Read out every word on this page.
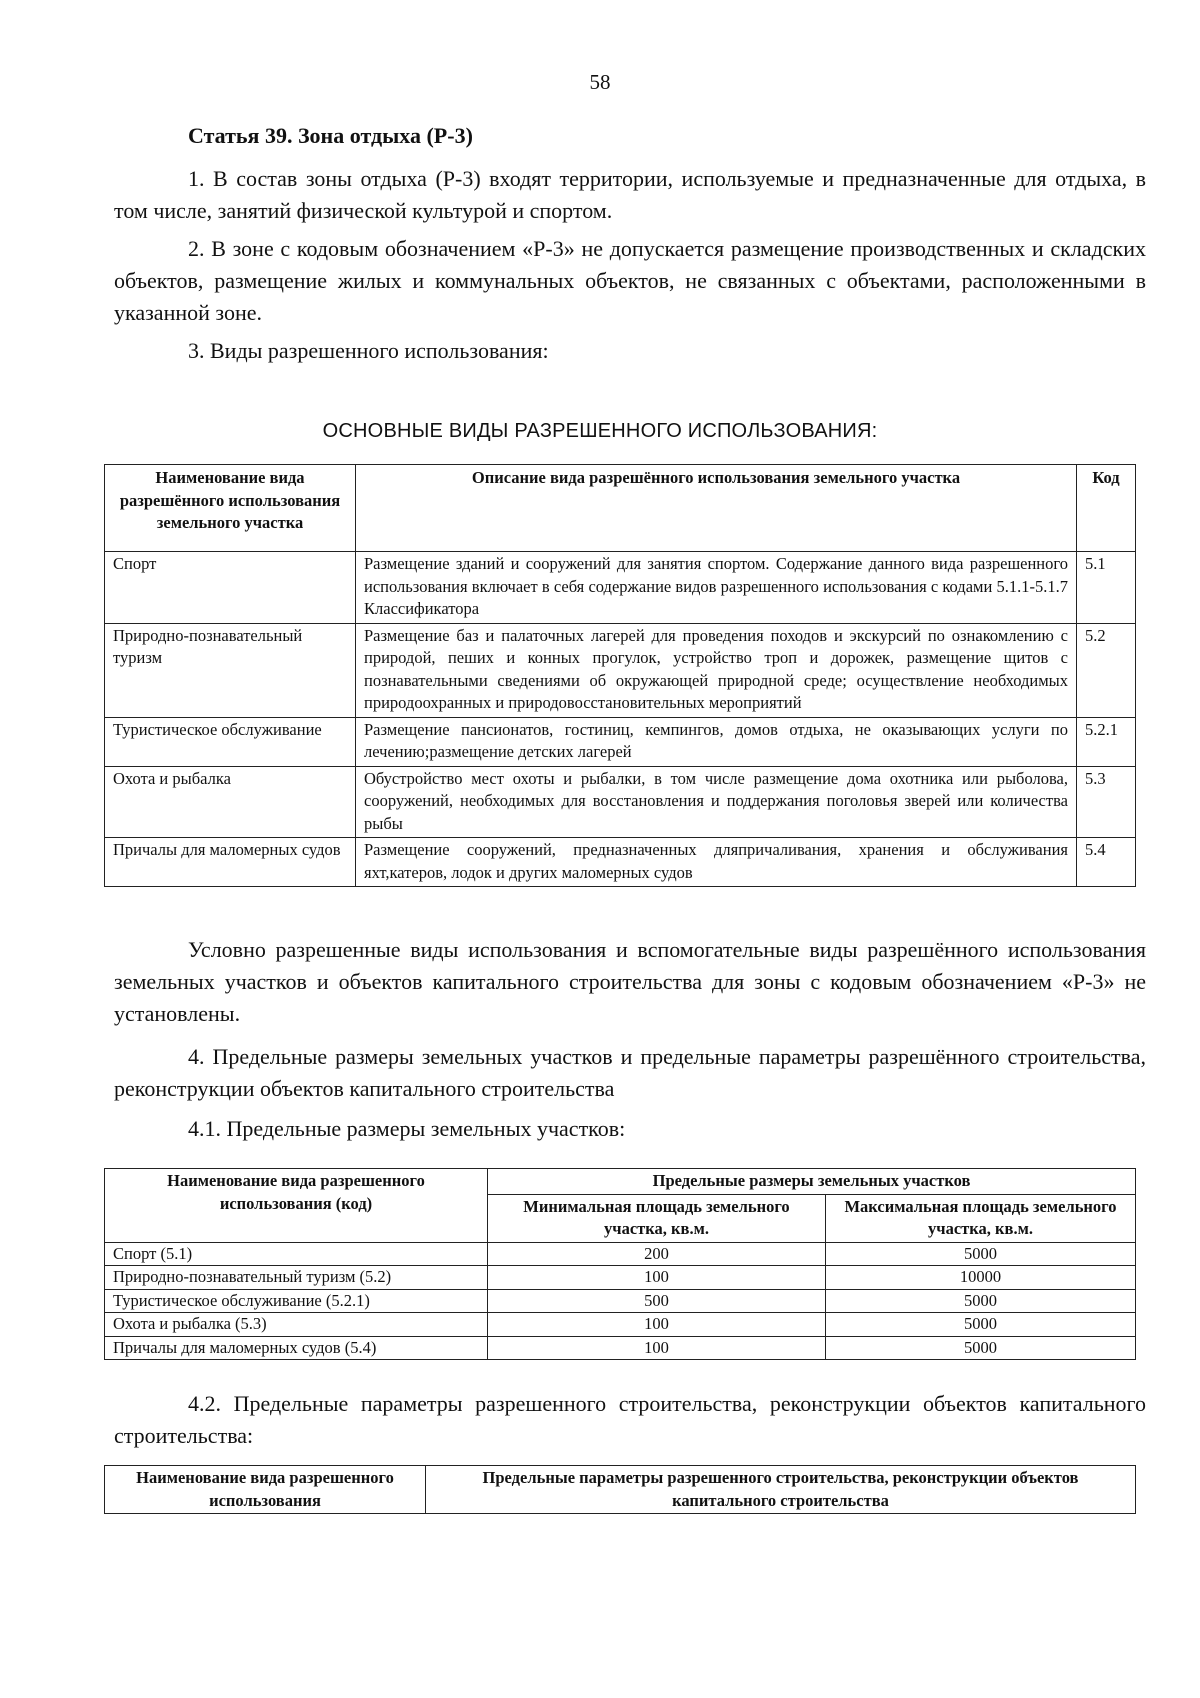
58
Статья 39. Зона отдыха (Р-3)
1. В состав зоны отдыха (Р-3) входят территории, используемые и предназначенные для отдыха, в том числе, занятий физической культурой и спортом.
2. В зоне с кодовым обозначением «Р-3» не допускается размещение производственных и складских объектов, размещение жилых и коммунальных объектов, не связанных с объектами, расположенными в указанной зоне.
3. Виды разрешенного использования:
ОСНОВНЫЕ ВИДЫ РАЗРЕШЕННОГО ИСПОЛЬЗОВАНИЯ:
Наименование вида разрешённого использования земельного участка	Описание вида разрешённого использования земельного участка	Код
Спорт	Размещение зданий и сооружений для занятия спортом. Содержание данного вида разрешенного использования включает в себя содержание видов разрешенного использования с кодами 5.1.1-5.1.7 Классификатора	5.1
Природно-познавательный туризм	Размещение баз и палаточных лагерей для проведения походов и экскурсий по ознакомлению с природой, пеших и конных прогулок, устройство троп и дорожек, размещение щитов с познавательными сведениями об окружающей природной среде; осуществление необходимых природоохранных и природовосстановительных мероприятий	5.2
Туристическое обслуживание	Размещение пансионатов, гостиниц, кемпингов, домов отдыха, не оказывающих услуги по лечению;размещение детских лагерей	5.2.1
Охота и рыбалка	Обустройство мест охоты и рыбалки, в том числе размещение дома охотника или рыболова, сооружений, необходимых для восстановления и поддержания поголовья зверей или количества рыбы	5.3
Причалы для маломерных судов	Размещение сооружений, предназначенных дляпричаливания, хранения и обслуживания яхт,катеров, лодок и других маломерных судов	5.4
Условно разрешенные виды использования и вспомогательные виды разрешённого использования земельных участков и объектов капитального строительства для зоны с кодовым обозначением «Р-3» не установлены.
4. Предельные размеры земельных участков и предельные параметры разрешённого строительства, реконструкции объектов капитального строительства
4.1. Предельные размеры земельных участков:
Наименование вида разрешенного использования (код)	Предельные размеры земельных участков	
	Минимальная площадь земельного участка, кв.м.	Максимальная площадь земельного участка, кв.м.
Спорт (5.1)	200	5000
Природно-познавательный туризм (5.2)	100	10000
Туристическое обслуживание (5.2.1)	500	5000
Охота и рыбалка (5.3)	100	5000
Причалы для маломерных судов (5.4)	100	5000
4.2. Предельные параметры разрешенного строительства, реконструкции объектов капитального строительства:
Наименование вида разрешенного использования	Предельные параметры разрешенного строительства, реконструкции объектов капитального строительства
